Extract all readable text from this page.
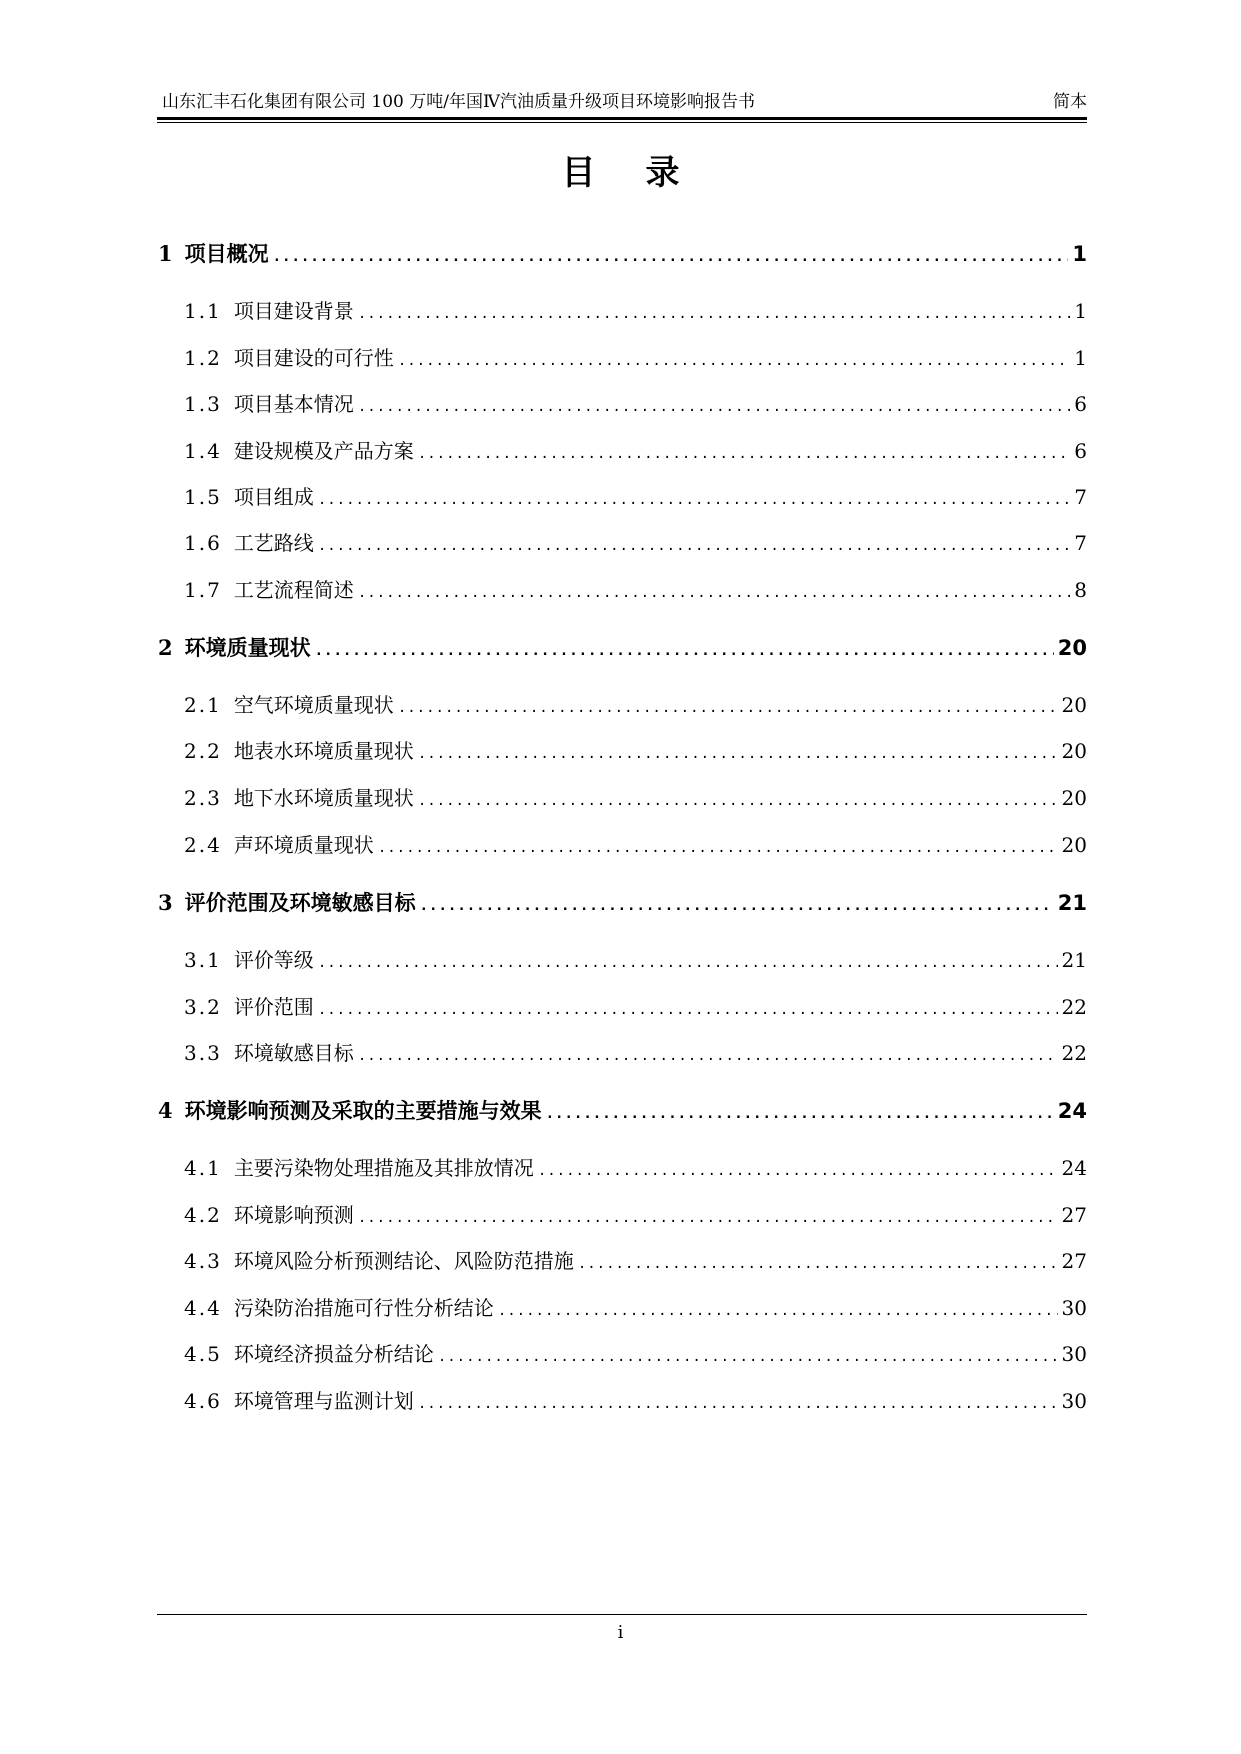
山东汇丰石化集团有限公司 100 万吨/年国Ⅳ汽油质量升级项目环境影响报告书	简本
目录
1 项目概况 .....	1
1.1 项目建设背景 .....	1
1.2 项目建设的可行性 .....	1
1.3 项目基本情况 .....	6
1.4 建设规模及产品方案 .....	6
1.5 项目组成 .....	7
1.6 工艺路线 .....	7
1.7 工艺流程简述 .....	8
2 环境质量现状 .....	20
2.1 空气环境质量现状 .....	20
2.2 地表水环境质量现状 .....	20
2.3 地下水环境质量现状 .....	20
2.4 声环境质量现状 .....	20
3 评价范围及环境敏感目标 .....	21
3.1 评价等级 .....	21
3.2 评价范围 .....	22
3.3 环境敏感目标 .....	22
4 环境影响预测及采取的主要措施与效果 .....	24
4.1 主要污染物处理措施及其排放情况 .....	24
4.2 环境影响预测 .....	27
4.3 环境风险分析预测结论、风险防范措施 .....	27
4.4 污染防治措施可行性分析结论 .....	30
4.5 环境经济损益分析结论 .....	30
4.6 环境管理与监测计划 .....	30
i
